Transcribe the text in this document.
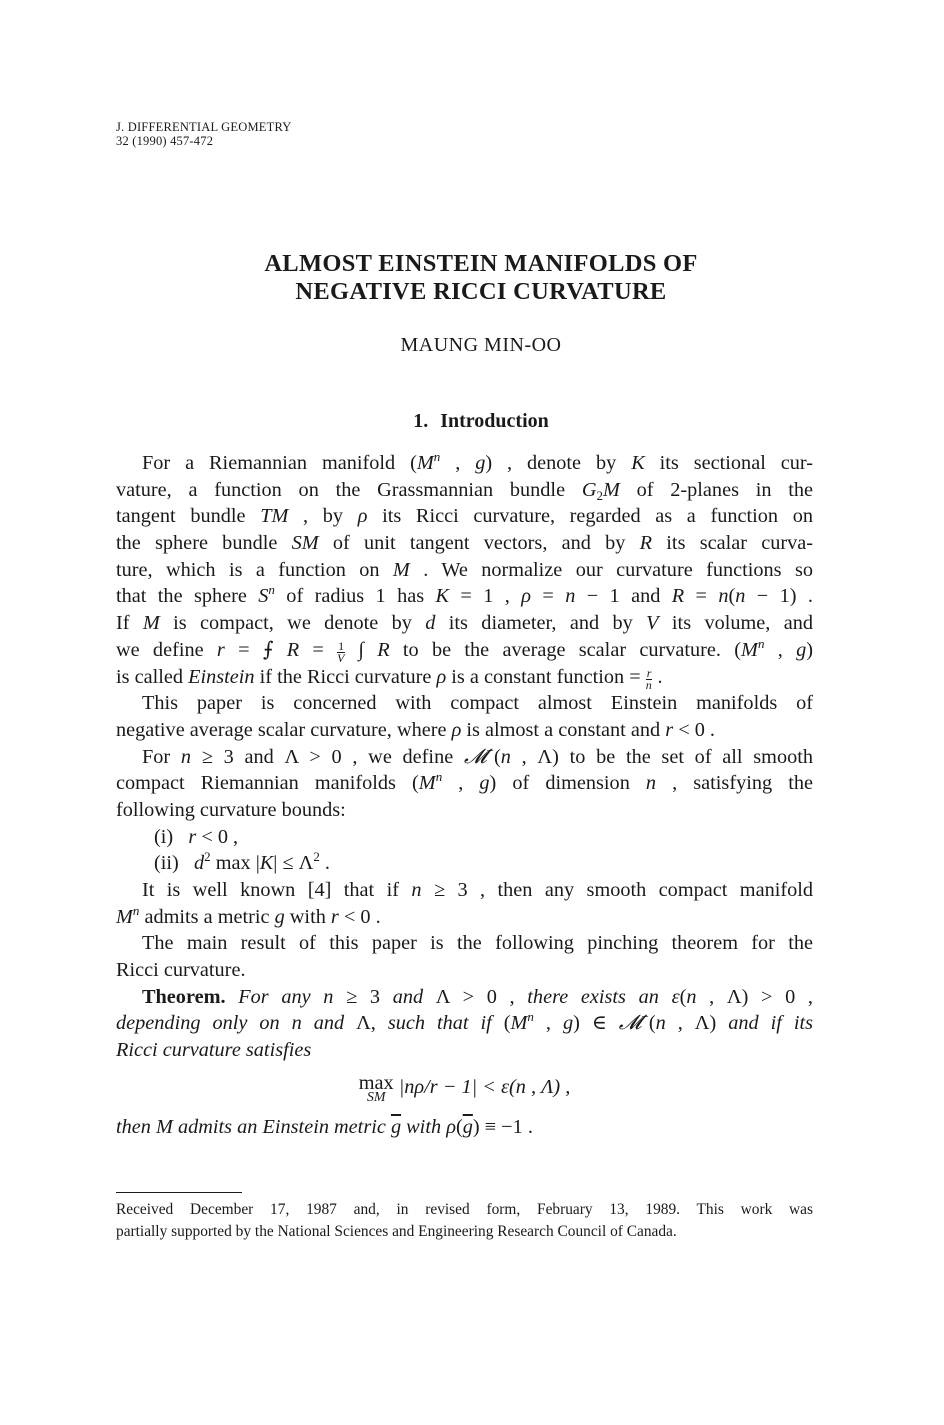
J. DIFFERENTIAL GEOMETRY
32 (1990) 457-472
ALMOST EINSTEIN MANIFOLDS OF
NEGATIVE RICCI CURVATURE
MAUNG MIN-OO
1. Introduction
For a Riemannian manifold ($M^n$ , g) , denote by K its sectional cur-
vature, a function on the Grassmannian bundle $G_2M$ of 2-planes in the
tangent bundle TM , by ρ its Ricci curvature, regarded as a function on
the sphere bundle SM of unit tangent vectors, and by R its scalar curva-
ture, which is a function on M . We normalize our curvature functions so
that the sphere $S^n$ of radius 1 has K = 1 , ρ = n − 1 and R = n(n − 1) .
If M is compact, we denote by d its diameter, and by V its volume, and
we define r = ⨍ $R = \frac{1}{V}$ ∫ R to be the average scalar curvature. ($M^n$ , g)
is called Einstein if the Ricci curvature ρ is a constant function = $\frac{r}{n}$ .
This paper is concerned with compact almost Einstein manifolds of
negative average scalar curvature, where ρ is almost a constant and r < 0 .
For n ≥ 3 and Λ > 0 , we define 𝓜−(n , Λ) to be the set of all smooth
compact Riemannian manifolds ($M^n$ , g) of dimension n , satisfying the
following curvature bounds:
(i)   r < 0 ,
(ii)   $d^2$ $\max |K| \le \Lambda^2$ .
It is well known [4] that if n ≥ 3 , then any smooth compact manifold
$M^n$ admits a metric g with r < 0 .
The main result of this paper is the following pinching theorem for the
Ricci curvature.
Theorem. For any n ≥ 3 and Λ > 0 , there exists an ε(n , Λ) > 0 ,
depending only on n and Λ, such that if ($M^n$ , g) ∈ 𝓜−(n , Λ) and if its
Ricci curvature satisfies
max
SM |nρ/r − 1| < ε(n , Λ) ,
then M admits an Einstein metric $\overline{g}$ with $\rho(\overline{g}) \equiv -1$ .
Received December 17, 1987 and, in revised form, February 13, 1989. This work was
partially supported by the National Sciences and Engineering Research Council of Canada.
